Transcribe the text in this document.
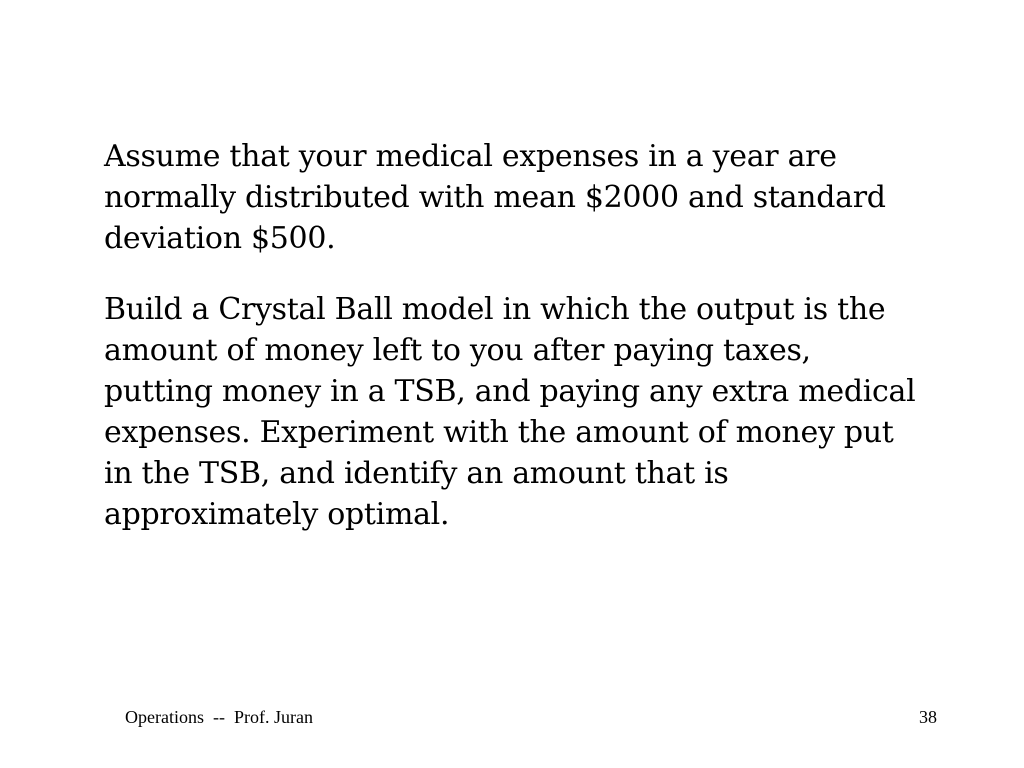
Assume that your medical expenses in a year are normally distributed with mean $2000 and standard deviation $500.

Build a Crystal Ball model in which the output is the amount of money left to you after paying taxes, putting money in a TSB, and paying any extra medical expenses. Experiment with the amount of money put in the TSB, and identify an amount that is approximately optimal.

Operations  --  Prof. Juran	38
